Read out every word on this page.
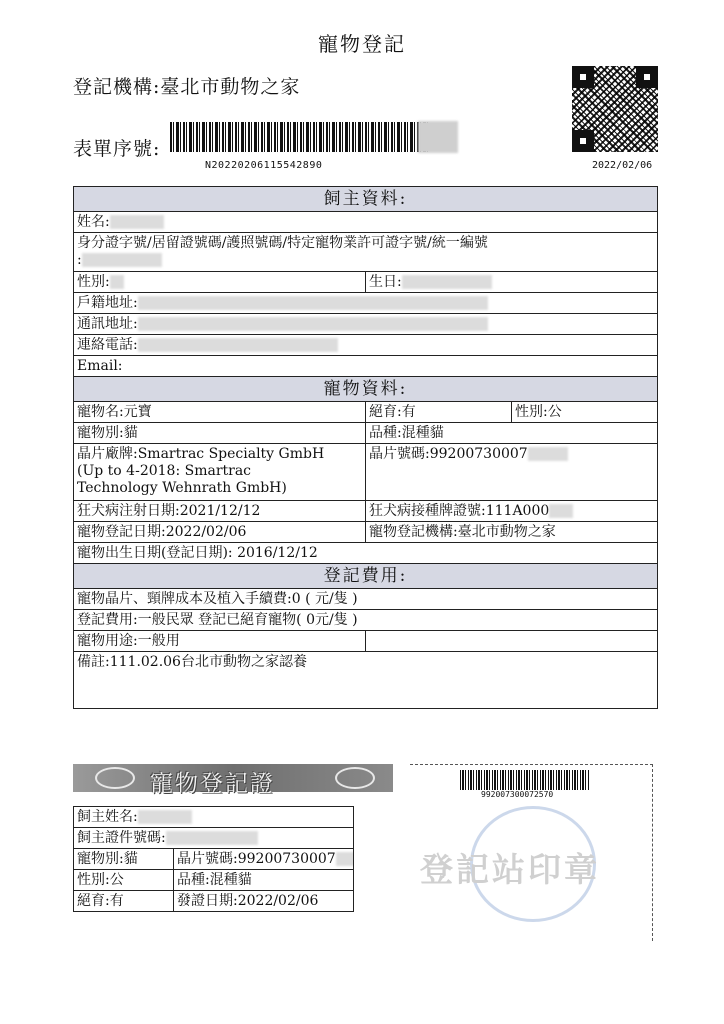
寵物登記
登記機構:臺北市動物之家
表單序號:
N20220206115542890	2022/02/06
飼主資料:		
姓名:		
身分證字號/居留證號碼/護照號碼/特定寵物業許可證字號/統一編號
:		
性別:	生日:	
戶籍地址:		
通訊地址:		
連絡電話:		
Email:		
寵物資料:		
寵物名:元寶	絕育:有	性別:公
寵物別:貓	品種:混種貓	
晶片廠牌:Smartrac Specialty GmbH
(Up to 4-2018: Smartrac
Technology Wehnrath GmbH)	晶片號碼:99200730007	
狂犬病注射日期:2021/12/12	狂犬病接種牌證號:111A000	
寵物登記日期:2022/02/06	寵物登記機構:臺北市動物之家	
寵物出生日期(登記日期): 2016/12/12		
登記費用:		
寵物晶片、頸牌成本及植入手續費:0 ( 元/隻 )		
登記費用:一般民眾 登記已絕育寵物( 0元/隻 )		
寵物用途:一般用		
備註:111.02.06台北市動物之家認養		
寵物登記證
飼主姓名:	
飼主證件號碼:	
寵物別:貓	晶片號碼:99200730007
性別:公	品種:混種貓
絕育:有	發證日期:2022/02/06
992007300072570
登記站印章
